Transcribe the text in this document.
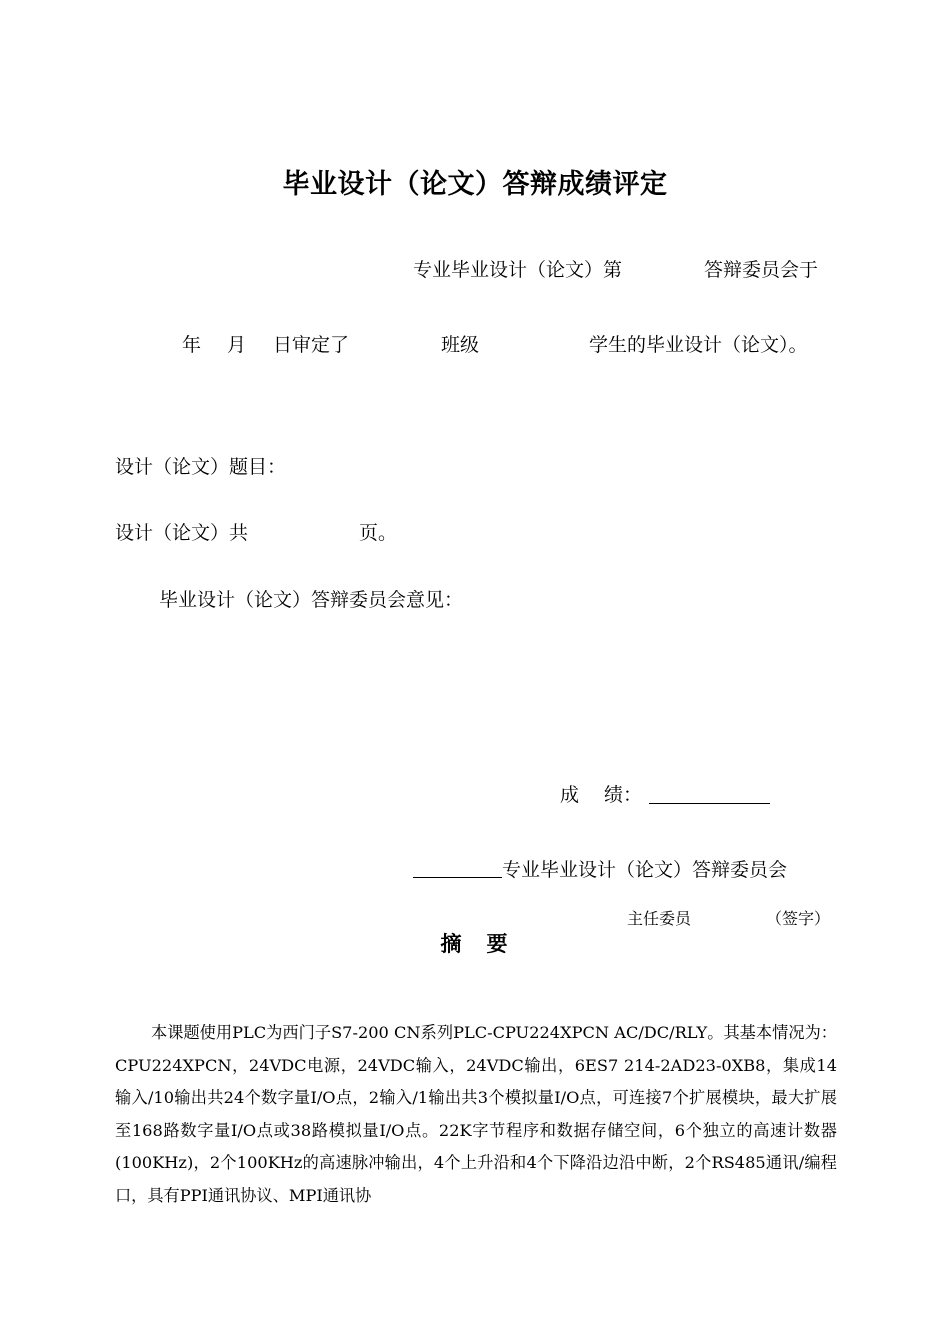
毕业设计（论文）答辩成绩评定
专业毕业设计（论文）第	答辩委员会于
年 月 日审定了	班级	学生的毕业设计（论文）。
设计（论文）题目：
设计（论文）共	页。
毕业设计（论文）答辩委员会意见：
成 绩：
专业毕业设计（论文）答辩委员会
主任委员	（签字）
摘　要
本课题使用PLC为西门子S7-200 CN系列PLC-CPU224XPCN AC/DC/RLY。其基本情况为：CPU224XPCN，24VDC电源，24VDC输入，24VDC输出，6ES7 214-2AD23-0XB8，集成14输入/10输出共24个数字量I/O点，2输入/1输出共3个模拟量I/O点，可连接7个扩展模块，最大扩展至168路数字量I/O点或38路模拟量I/O点。22K字节程序和数据存储空间，6个独立的高速计数器(100KHz)，2个100KHz的高速脉冲输出，4个上升沿和4个下降沿边沿中断，2个RS485通讯/编程口，具有PPI通讯协议、MPI通讯协
